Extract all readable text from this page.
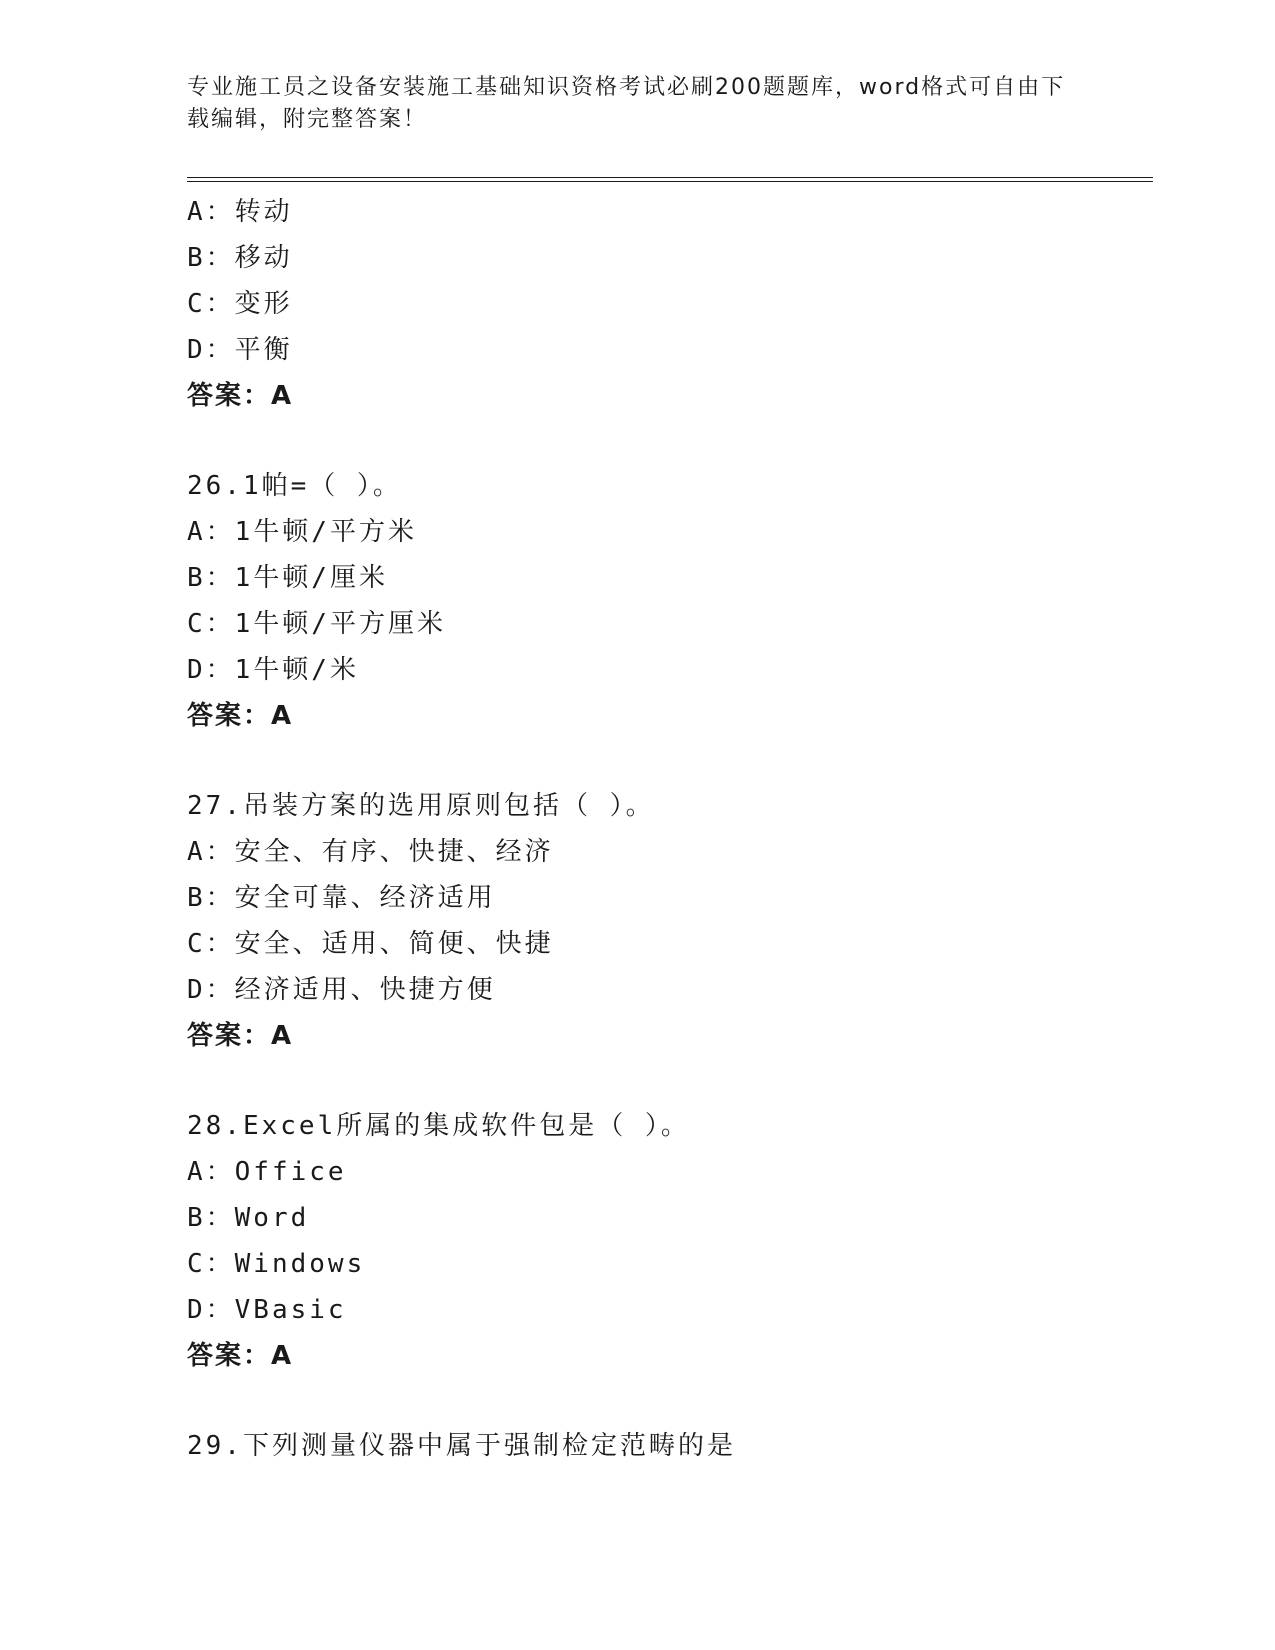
专业施工员之设备安装施工基础知识资格考试必刷200题题库，word格式可自由下载编辑，附完整答案！
A：转动
B：移动
C：变形
D：平衡
答案：A
26.1帕=（ ）。
A：1牛顿/平方米
B：1牛顿/厘米
C：1牛顿/平方厘米
D：1牛顿/米
答案：A
27.吊装方案的选用原则包括（ ）。
A：安全、有序、快捷、经济
B：安全可靠、经济适用
C：安全、适用、简便、快捷
D：经济适用、快捷方便
答案：A
28.Excel所属的集成软件包是（ ）。
A：Office
B：Word
C：Windows
D：VBasic
答案：A
29.下列测量仪器中属于强制检定范畴的是
